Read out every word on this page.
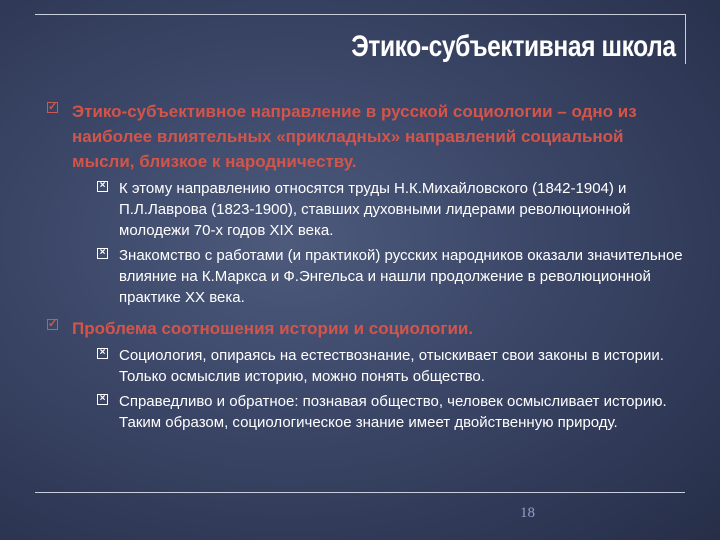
Этико-субъективная школа
✓ Этико-субъективное направление в русской социологии – одно из наиболее влиятельных «прикладных» направлений социальной мысли, близкое к народничеству.
× К этому направлению относятся труды Н.К.Михайловского (1842-1904) и П.Л.Лаврова (1823-1900), ставших духовными лидерами революционной молодежи 70-х годов XIX века.
× Знакомство с работами (и практикой) русских народников оказали значительное влияние на К.Маркса и Ф.Энгельса и нашли продолжение в революционной практике XX века.
✓ Проблема соотношения истории и социологии.
× Социология, опираясь на естествознание, отыскивает свои законы в истории. Только осмыслив историю, можно понять общество.
× Справедливо и обратное: познавая общество, человек осмысливает историю. Таким образом, социологическое знание имеет двойственную природу.
18
